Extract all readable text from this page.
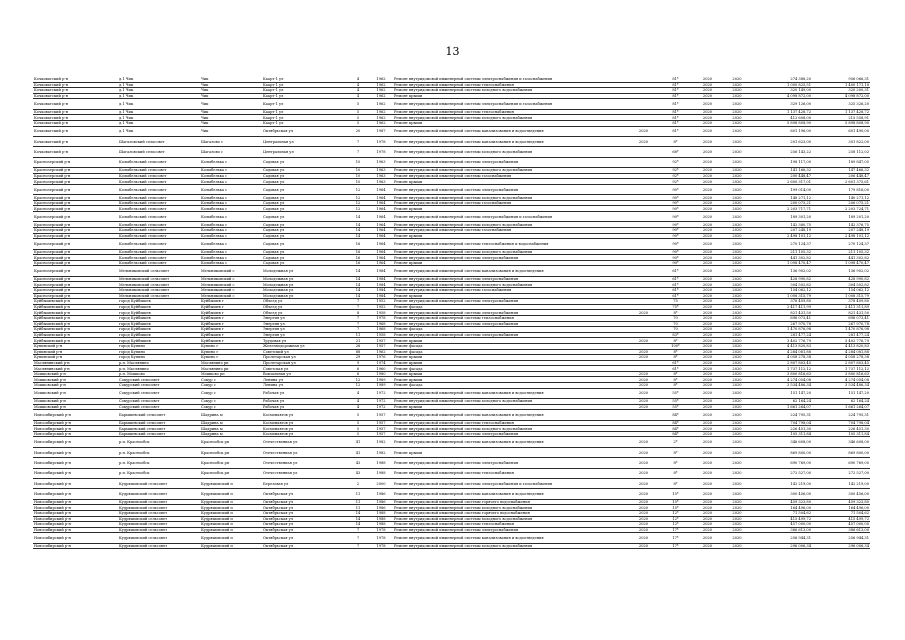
13
Кочковатский р-н	д.1 Чик	Чик	Каарт-1 ул	4	1962	Ремонт внутридомовой инженерной системы электроснабжения и газоснабжения		81*	2020	2020	274 388,20	956 066,31
Кочковатский р-н	д.1 Чик	Чик	Каарт-1 ул	4	1962	Ремонт внутридомовой инженерной системы теплоснабжения		81*	2020	2020	1 000 825,51	1 400 171,18
Кочковатский р-н	д.1 Чик	Чик	Каарт-1 ул	4	1962	Ремонт внутридомовой инженерной системы холодного водоснабжения		81*	2020	2020	320 149,00	320 200,31
Кочковатский р-н	д.1 Чик	Чик	Каарт-1 ул	4	1962	Ремонт крыши		81*	2020	2020	4 098 872,00	4 098 872,00
Кочковатский р-н	д.1 Чик	Чик	Каарт-1 ул	5	1962	Ремонт внутридомовой инженерной системы электроснабжения и газоснабжения		81*	2020	2020	329 126,00	325 326,20
Кочковатский р-н	д.1 Чик	Чик	Каарт-1 ул	5	1962	Ремонт внутридомовой инженерной системы теплоснабжения		81*	2020	2020	1 137 428,72	1 137 428,72
Кочковатский р-н	д.1 Чик	Чик	Каарт-1 ул	5	1962	Ремонт внутридомовой инженерной системы холодного водоснабжения		81*	2020	2020	412 608,00	215 558,91
Кочковатский р-н	д.1 Чик	Чик	Каарт-1 ул	5	1962	Ремонт крыши		81*	2020	2020	5 898 808,90	5 898 808,90
Кочковатский р-н	д.1 Чик	Чик	Октябрьская ул	20	1987	Ремонт внутридомовой инженерной системы канализования и водоотведения	2020	81*	2020	2020	601 196,00	601 490,00
Кочковатский р-н	Шагаловский сельсовет	Шагалово с	Центральная ул	7	1978	Ремонт внутридомовой инженерной системы канализования и водоотведения	2020	8*	2020	2020	201 623,00	301 822,00
Кочковатский р-н	Шагаловский сельсовет	Шагалово с	Центральная ул	7	1978	Ремонт внутридомовой инженерной системы холодного водоснабжения		68*	2020	2020	256 143,22	258 112,02
Краснозерский р-н	Колыбельский сельсовет	Колыбелька с	Садовая ул	10	1963	Ремонт внутридомовой инженерной системы электроснабжения		92*	2020	2020	198 117,00	189 847,05
Краснозерский р-н	Колыбельский сельсовет	Колыбелька с	Садовая ул	10	1963	Ремонт внутридомовой инженерной системы холодного водоснабжения		92*	2020	2020	141 166,32	147 466,32
Краснозерский р-н	Колыбельский сельсовет	Колыбелька с	Садовая ул	10	1963	Ремонт внутридомовой инженерной системы газоснабжения		92*	2020	2020	200 448,47	206 448,47
Краснозерский р-н	Колыбельский сельсовет	Колыбелька с	Садовая ул	10	1963	Ремонт крыши		92*	2020	2020	2 600 317,01	2 601 375,61
Краснозерский р-н	Колыбельский сельсовет	Колыбелька с	Садовая ул	12	1964	Ремонт внутридомовой инженерной системы электроснабжения		90*	2020	2020	199 014,00	179 816,00
Краснозерский р-н	Колыбельский сельсовет	Колыбелька с	Садовая ул	12	1964	Ремонт внутридомовой инженерной системы холодного водоснабжения		90*	2020	2020	148 271,12	140 271,12
Краснозерский р-н	Колыбельский сельсовет	Колыбелька с	Садовая ул	12	1964	Ремонт внутридомовой инженерной системы газоснабжения		90*	2020	2020	200 075,21	206 075,21
Краснозерский р-н	Колыбельский сельсовет	Колыбелька с	Садовая ул	12	1964	Ремонт крыши		90*	2020	2020	2 203 717,71	2 203 724,71
Краснозерский р-н	Колыбельский сельсовет	Колыбелька с	Садовая ул	14	1964	Ремонт внутридомовой инженерной системы электроснабжения и газоснабжения		90*	2020	2020	189 301,20	189 201,20
Краснозерский р-н	Колыбельский сельсовет	Колыбелька с	Садовая ул	14	1964	Ремонт внутридомовой инженерной системы холодного водоснабжения		90*	2020	2020	142 380,75	142 376,75
Краснозерский р-н	Колыбельский сельсовет	Колыбелька с	Садовая ул	14	1964	Ремонт внутридомовой инженерной системы газоснабжения		90*	2020	2020	207 248,19	207 248,19
Краснозерский р-н	Колыбельский сельсовет	Колыбелька с	Садовая ул	14	1964	Ремонт крыши		90*	2020	2020	2 498 101,12	2 498 101,12
Краснозерский р-н	Колыбельский сельсовет	Колыбелька с	Садовая ул	16	1964	Ремонт внутридомовой инженерной системы теплоснабжения и водоснабжения		90*	2020	2020	270 124,37	270 124,37
Краснозерский р-н	Колыбельский сельсовет	Колыбелька с	Садовая ул	16	1964	Ремонт внутридомовой инженерной системы холодного водоснабжения		90*	2020	2020	211 105,32	211 105,32
Краснозерский р-н	Колыбельский сельсовет	Колыбелька с	Садовая ул	16	1964	Ремонт внутридомовой инженерной системы электроснабжения		90*	2020	2020	441 302,82	441 302,82
Краснозерский р-н	Колыбельский сельсовет	Колыбелька с	Садовая ул	16	1964	Ремонт крыши		90*	2020	2020	1 098 470,47	1 098 470,47
Краснозерский р-н	Мельниковский сельсовет	Мельниковский с	Молодежная ул	14	1984	Ремонт внутридомовой инженерной системы канализования и водоотведения		61*	2020	2020	136 902,02	136 902,02
Краснозерский р-н	Мельниковский сельсовет	Мельниковский с	Молодежная ул	14	1984	Ремонт внутридомовой инженерной системы электроснабжения		61*	2020	2020	428 990,82	428 990,82
Краснозерский р-н	Мельниковский сельсовет	Мельниковский с	Молодежная ул	14	1984	Ремонт внутридомовой инженерной системы холодного водоснабжения		61*	2020	2020	304 502,82	304 502,82
Краснозерский р-н	Мельниковский сельсовет	Мельниковский с	Молодежная ул	14	1984	Ремонт внутридомовой инженерной системы газоснабжения		61*	2020	2020	154 062,12	154 062,12
Краснозерский р-н	Мельниковский сельсовет	Мельниковский с	Молодежная ул	14	1984	Ремонт крыши		61*	2020	2020	1 008 315,79	1 008 315,79
Куйбышевский р-н	город Куйбышев	Куйбышев г	Объезд ул	7	1952	Ремонт внутридомовой инженерной системы электроснабжения		75	2020	2020	378 409,80	378 409,80
Куйбышевский р-н	город Куйбышев	Куйбышев г	Объезд ул	7	1952	Ремонт фасада		75*	2020	2020	2 417 411,99	2 411 311,89
Куйбышевский р-н	город Куйбышев	Куйбышев г	Объезд ул	8	1958	Ремонт внутридомовой инженерной системы электроснабжения	2020	8*	2020	2020	821 431,50	821 431,50
Куйбышевский р-н	город Куйбышев	Куйбышев г	Энергия ул	7	1978	Ремонт внутридомовой инженерной системы теплоснабжения		70	2020	2020	696 073,41	696 073,41
Куйбышевский р-н	город Куйбышев	Куйбышев г	Энергия ул	7	1968	Ремонт внутридомовой инженерной системы электроснабжения		70	2020	2020	267 970,78	267 970,78
Куйбышевский р-н	город Куйбышев	Куйбышев г	Энергия ул	7	1968	Ремонт фасада		70	2020	2020	1 470 876,98	1 470 876,98
Куйбышевский р-н	город Куйбышев	Куйбышев г	Энергия ул	11	1958	Ремонт внутридомовой инженерной системы электроснабжения		83*	2020	2020	281 477,24	281 477,24
Куйбышевский р-н	город Куйбышев	Куйбышев г	Трудовая ул	21	1957	Ремонт крыши	2020	8*	2020	2020	3 402 776,79	3 402 776,79
Купинский р-н	город Купино	Купино г	Железнодорожная ул	26	1957	Ремонт фасада		100*	2020	2020	4 413 820,83	4 413 820,83
Купинский р-н	город Купино	Купино г	Советский ул	88	1962	Ремонт фасада	2020	8*	2020	2020	4 284 081,88	4 284 081,88
Купинский р-н	город Купино	Купино г	Пролетарская ул	29	1976	Ремонт крыши	2020	8*	2020	2020	4 058 278,38	4 058 278,38
Маслянинский р-н	р.п. Маслянино	Маслянино рп	Пролетарская ул	9	1974	Ремонт крыши		61*	2020	2020	2 807 803,45	2 807 803,45
Маслянинский р-н	р.п. Маслянино	Маслянино рп	Советская ул	6	1960	Ремонт фасада		61*	2020	2020	1 737 112,12	1 737 112,12
Мошковский р-н	р.п. Мошково	Мошково рп	Вокзальная ул	6	1980	Ремонт крыши	2020	8*	2020	2020	3 800 816,63	3 800 816,63
Мошковский р-н	Сокурский сельсовет	Сокур с	Ленина ул	12	1989	Ремонт крыши	2020	8*	2020	2020	4 274 054,08	4 274 054,08
Мошковский р-н	Сокурский сельсовет	Сокур с	Ленина ул	12	1989	Ремонт фасада	2020	8*	2020	2020	3 534 486,34	3 534 486,34
Мошковский р-н	Сокурский сельсовет	Сокур с	Рабочая ул	4	1972	Ремонт внутридомовой инженерной системы канализования и водоотведения	2020	55*	2020	2020	151 147,20	151 147,20
Мошковский р-н	Сокурский сельсовет	Сокур с	Рабочая ул	4	1972	Ремонт внутридомовой инженерной системы холодного водоснабжения	2020	55*	2020	2020	62 164,24	62 164,24
Мошковский р-н	Сокурский сельсовет	Сокур с	Рабочая ул	4	1972	Ремонт крыши	2020	55*	2020	2020	1 661 264,07	1 661 264,07
Новосибирский р-н	Барышевский сельсовет	Шадрина м	Космонавтов ул	5	1957	Ремонт внутридомовой инженерной системы канализования и водоотведения		84*	2020	2020	224 795,31	224 795,31
Новосибирский р-н	Барышевский сельсовет	Шадрина м	Космонавтов ул	5	1957	Ремонт внутридомовой инженерной системы теплоснабжения		84*	2020	2020	704 798,04	704 798,04
Новосибирский р-н	Барышевский сельсовет	Шадрина м	Космонавтов ул	5	1957	Ремонт внутридомовой инженерной системы холодного водоснабжения		84*	2020	2020	226 451,30	226 451,30
Новосибирский р-н	Барышевский сельсовет	Шадрина м	Космонавтов ул	5	1957	Ремонт внутридомовой инженерной системы электроснабжения		84*	2020	2020	105 311,84	105 311,84
Новосибирский р-н	р.п. Краснообск	Краснообск рп	Отечественная ул	41	1982	Ремонт внутридомовой инженерной системы канализования и водоотведения	2020	2*	2020	2020	346 608,00	346 608,00
Новосибирский р-н	р.п. Краснообск	Краснообск рп	Отечественная ул	41	1982	Ремонт крыши	2020	8*	2020	2020	869 800,00	869 800,00
Новосибирский р-н	р.п. Краснообск	Краснообск рп	Отечественная ул	43	1988	Ремонт внутридомовой инженерной системы электроснабжения	2020	8*	2020	2020	690 769,00	690 769,00
Новосибирский р-н	р.п. Краснообск	Краснообск рп	Отечественная ул	43	1988	Ремонт внутридомовой инженерной системы теплоснабжения	2020	8*	2020	2020	272 527,00	272 527,00
Новосибирский р-н	Кудряшовский сельсовет	Кудряшовский п	Березовая ул	2	2000	Ремонт внутридомовой инженерной системы электроснабжения и газоснабжения	2020	8*	2020	2020	142 219,00	142 219,00
Новосибирский р-н	Кудряшовский сельсовет	Кудряшовский п	Октябрьская ул	11	1986	Ремонт внутридомовой инженерной системы канализования и водоотведения	2020	15*	2020	2020	300 456,00	300 456,00
Новосибирский р-н	Кудряшовский сельсовет	Кудряшовский п	Октябрьская ул	11	1986	Ремонт внутридомовой инженерной системы горячего водоснабжения	2020	15*	2020	2020	459 323,80	459 323,80
Новосибирский р-н	Кудряшовский сельсовет	Кудряшовский п	Октябрьская ул	11	1986	Ремонт внутридомовой инженерной системы холодного водоснабжения	2020	15*	2020	2020	164 496,00	164 496,00
Новосибирский р-н	Кудряшовский сельсовет	Кудряшовский п	Октябрьская ул	14	1988	Ремонт внутридомовой инженерной системы горячего водоснабжения	2020	12*	2020	2020	71 504,62	71 504,62
Новосибирский р-н	Кудряшовский сельсовет	Кудряшовский п	Октябрьская ул	14	1988	Ремонт внутридомовой инженерной системы холодного водоснабжения	2020	12*	2020	2020	415 499,72	415 499,72
Новосибирский р-н	Кудряшовский сельсовет	Кудряшовский п	Октябрьская ул	14	1988	Ремонт внутридомовой инженерной системы теплоснабжения	2020	12*	2020	2020	457 000,00	457 000,00
Новосибирский р-н	Кудряшовский сельсовет	Кудряшовский п	Октябрьская ул	7	1978	Ремонт внутридомовой инженерной системы электроснабжения	2020	17*	2020	2020	386 613,00	386 613,00
Новосибирский р-н	Кудряшовский сельсовет	Кудряшовский п	Октябрьская ул	7	1978	Ремонт внутридомовой инженерной системы канализования и водоотведения	2020	17*	2020	2020	256 944,31	256 944,31
Новосибирский р-н	Кудряшовский сельсовет	Кудряшовский п	Октябрьская ул	7	1978	Ремонт внутридомовой инженерной системы холодного водоснабжения	2020	17*	2020	2020	296 006,34	296 006,34
